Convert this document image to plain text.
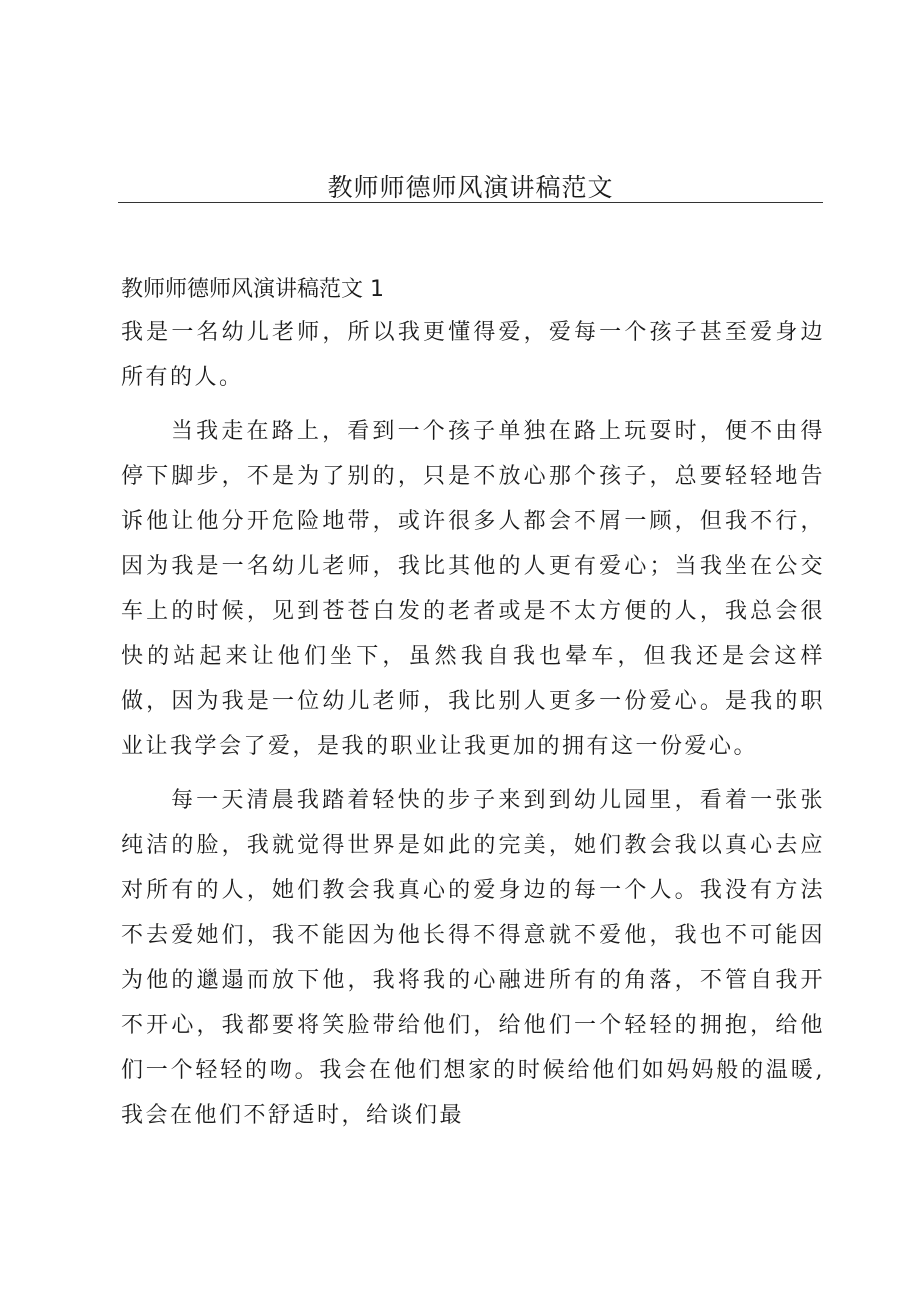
教师师德师风演讲稿范文
教师师德师风演讲稿范文 1

我是一名幼儿老师，所以我更懂得爱，爱每一个孩子甚至爱身边所有的人。

当我走在路上，看到一个孩子单独在路上玩耍时，便不由得停下脚步，不是为了别的，只是不放心那个孩子，总要轻轻地告诉他让他分开危险地带，或许很多人都会不屑一顾，但我不行，因为我是一名幼儿老师，我比其他的人更有爱心；当我坐在公交车上的时候，见到苍苍白发的老者或是不太方便的人，我总会很快的站起来让他们坐下，虽然我自我也晕车，但我还是会这样做，因为我是一位幼儿老师，我比别人更多一份爱心。是我的职业让我学会了爱，是我的职业让我更加的拥有这一份爱心。

每一天清晨我踏着轻快的步子来到到幼儿园里，看着一张张纯洁的脸，我就觉得世界是如此的完美，她们教会我以真心去应对所有的人，她们教会我真心的爱身边的每一个人。我没有方法不去爱她们，我不能因为他长得不得意就不爱他，我也不可能因为他的邋遢而放下他，我将我的心融进所有的角落，不管自我开不开心，我都要将笑脸带给他们，给他们一个轻轻的拥抱，给他们一个轻轻的吻。我会在他们想家的时候给他们如妈妈般的温暖,我会在他们不舒适时，给谈们最
